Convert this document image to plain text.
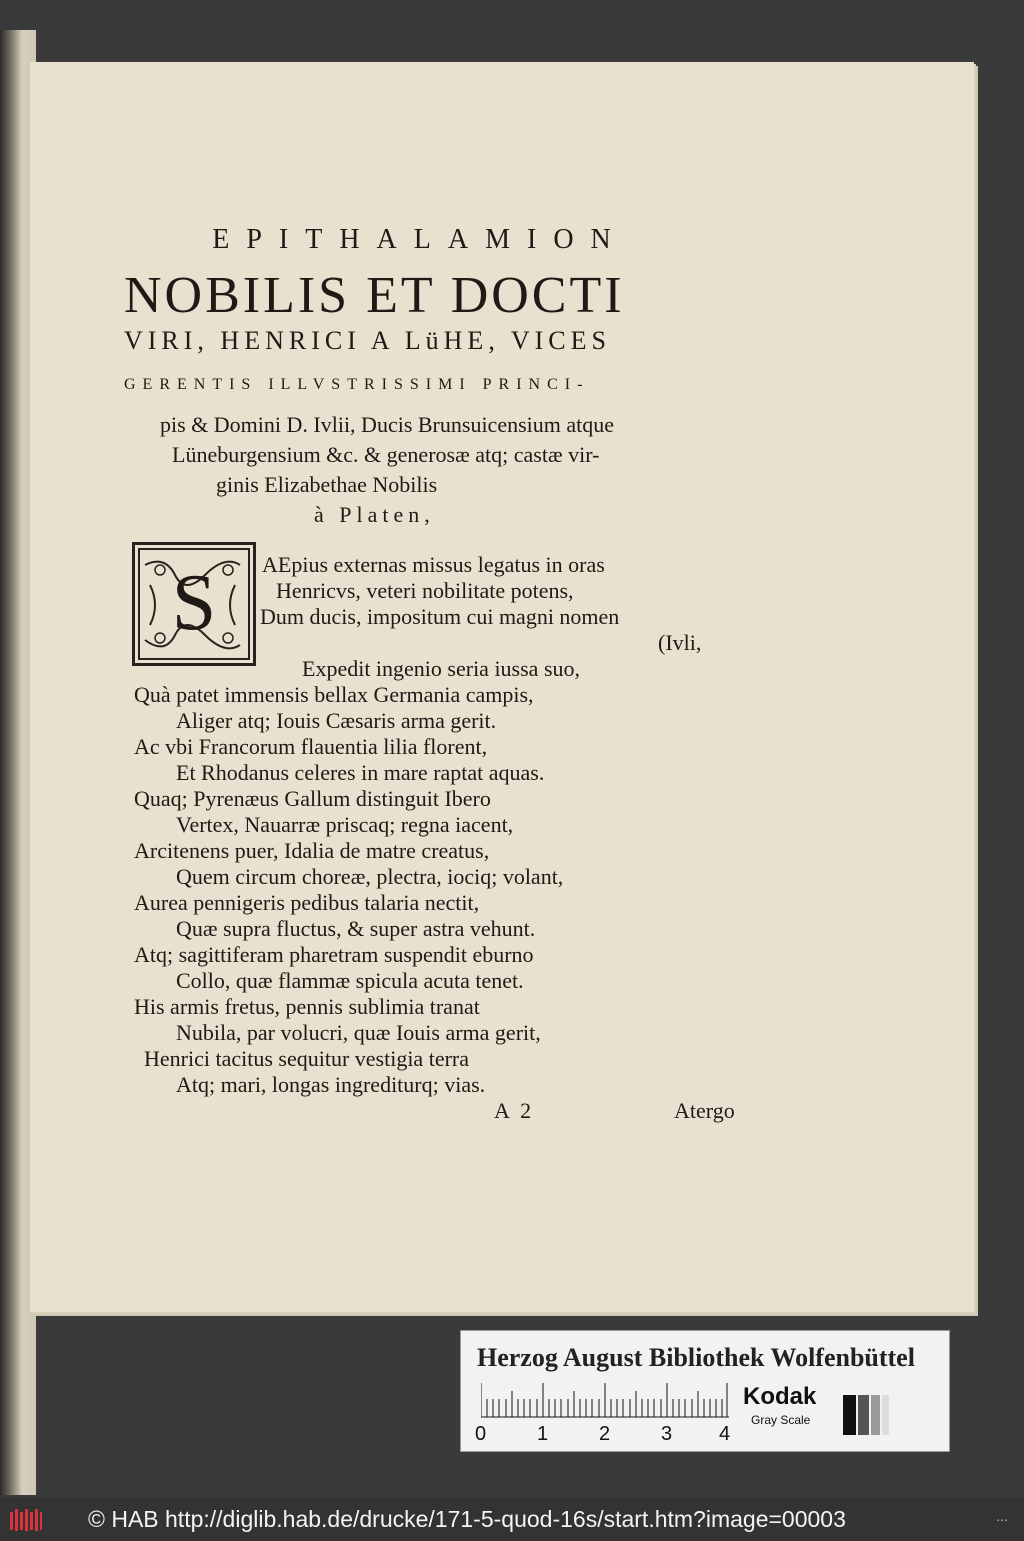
EPITHALAMION
NOBILIS ET DOCTI
VIRI, HENRICI A LüHE, VICES
GERENTIS ILLVSTRISSIMI PRINCI-
pis & Domini D. Ivlii, Ducis Brunsuicensium atque
Lüneburgensium &c. & generosæ atq; castæ vir-
ginis Elizabethae Nobilis
à Platen,
S AEpius externas missus legatus in oras
Henricvs, veteri nobilitate potens,
Dum ducis, impositum cui magni nomen
(Ivli,
Expedit ingenio seria iussa suo,
Quà patet immensis bellax Germania campis,
Aliger atq; Iouis Cæsaris arma gerit.
Ac vbi Francorum flauentia lilia florent,
Et Rhodanus celeres in mare raptat aquas.
Quaq; Pyrenæus Gallum distinguit Ibero
Vertex, Nauarræ priscaq; regna iacent,
Arcitenens puer, Idalia de matre creatus,
Quem circum choreæ, plectra, iociq; volant,
Aurea pennigeris pedibus talaria nectit,
Quæ supra fluctus, & super astra vehunt.
Atq; sagittiferam pharetram suspendit eburno
Collo, quæ flammæ spicula acuta tenet.
His armis fretus, pennis sublimia tranat
Nubila, par volucri, quæ Iouis arma gerit,
Henrici tacitus sequitur vestigia terra
Atq; mari, longas ingrediturq; vias.
A 2	Atergo
Herzog August Bibliothek Wolfenbüttel
0	1	2	3 4
Kodak
Gray Scale
© HAB http://diglib.hab.de/drucke/171-5-quod-16s/start.htm?image=00003	...
